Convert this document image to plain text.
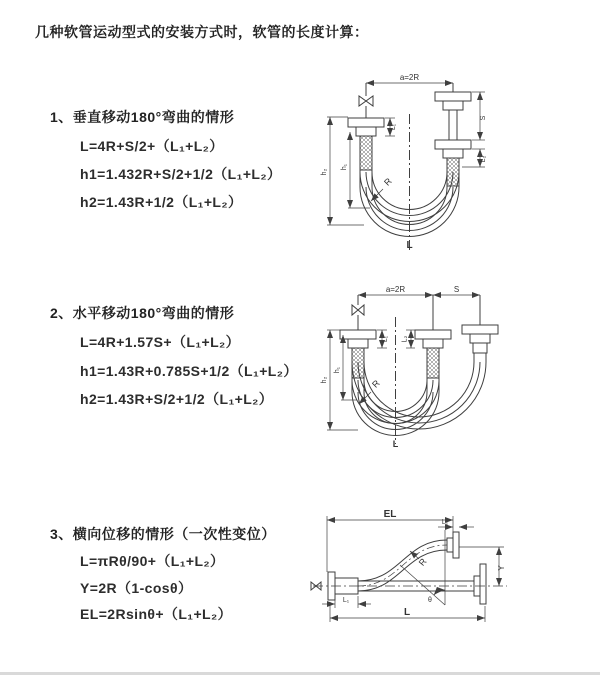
几种软管运动型式的安装方式时，软管的长度计算：
1、垂直移动180°弯曲的情形
L=4R+S/2+（L₁+L₂）
h1=1.432R+S/2+1/2（L₁+L₂）
h2=1.43R+1/2（L₁+L₂）
2、水平移动180°弯曲的情形
L=4R+1.57S+（L₁+L₂）
h1=1.43R+0.785S+1/2（L₁+L₂）
h2=1.43R+S/2+1/2（L₁+L₂）
3、横向位移的情形（一次性变位）
L=πRθ/90+（L₁+L₂）
Y=2R（1-cosθ）
EL=2Rsinθ+（L₁+L₂）
a=2R
S
L₂
L₁
h₁
h₂
R
L
a=2R	S
h₁
h₂
L₁ L₂
R
L
EL
L₁
Y
R
θ
L
L₁
